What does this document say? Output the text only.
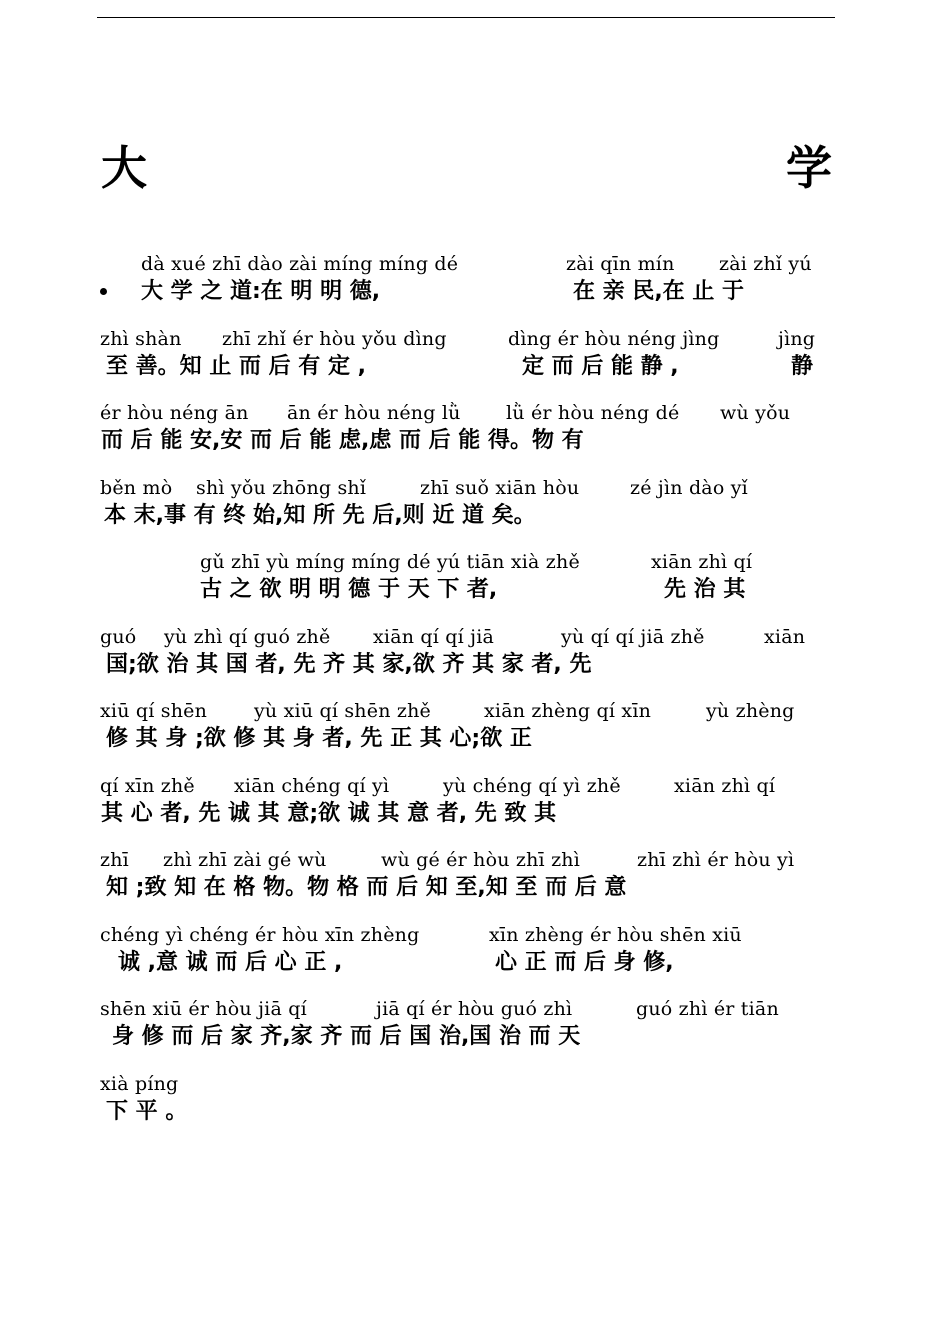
大	学
dà xué zhī dào zài míng míng dé	zài qīn mín zài zhǐ yú
大 学 之 道:在 明 明 德,	在 亲 民,在 止 于
zhì shàn zhī zhǐ ér hòu yǒu dìng	dìng ér hòu néng jìng	jìng
至 善。知 止 而 后 有 定 ,	定 而 后 能 静 ,	静
ér hòu néng ān ān ér hòu néng lǜ lǜ ér hòu néng dé wù yǒu
而 后 能 安,安 而 后 能 虑,虑 而 后 能 得。物 有
běn mò shì yǒu zhōng shǐ	zhī suǒ xiān hòu	zé jìn dào yǐ
本 末,事 有 终 始,知 所 先 后,则 近 道 矣。
gǔ zhī yù míng míng dé yú tiān xià zhě	xiān zhì qí
古 之 欲 明 明 德 于 天 下 者,	先 治 其
guó yù zhì qí guó zhě xiān qí qí jiā	yù qí qí jiā zhě	xiān
国;欲 治 其 国 者, 先 齐 其 家,欲 齐 其 家 者, 先
xiū qí shēn yù xiū qí shēn zhě	xiān zhèng qí xīn	yù zhèng
修 其 身 ;欲 修 其 身 者, 先 正 其 心;欲 正
qí xīn zhě xiān chéng qí yì	yù chéng qí yì zhě	xiān zhì qí
其 心 者, 先 诚 其 意;欲 诚 其 意 者, 先 致 其
zhī zhì zhī zài gé wù	wù gé ér hòu zhī zhì	zhī zhì ér hòu yì
知 ;致 知 在 格 物。物 格 而 后 知 至,知 至 而 后 意
chéng yì chéng ér hòu xīn zhèng	xīn zhèng ér hòu shēn xiū
诚 ,意 诚 而 后 心 正 ,	心 正 而 后 身 修,
shēn xiū ér hòu jiā qí	jiā qí ér hòu guó zhì	guó zhì ér tiān
身 修 而 后 家 齐,家 齐 而 后 国 治,国 治 而 天
xià píng
下 平 。
